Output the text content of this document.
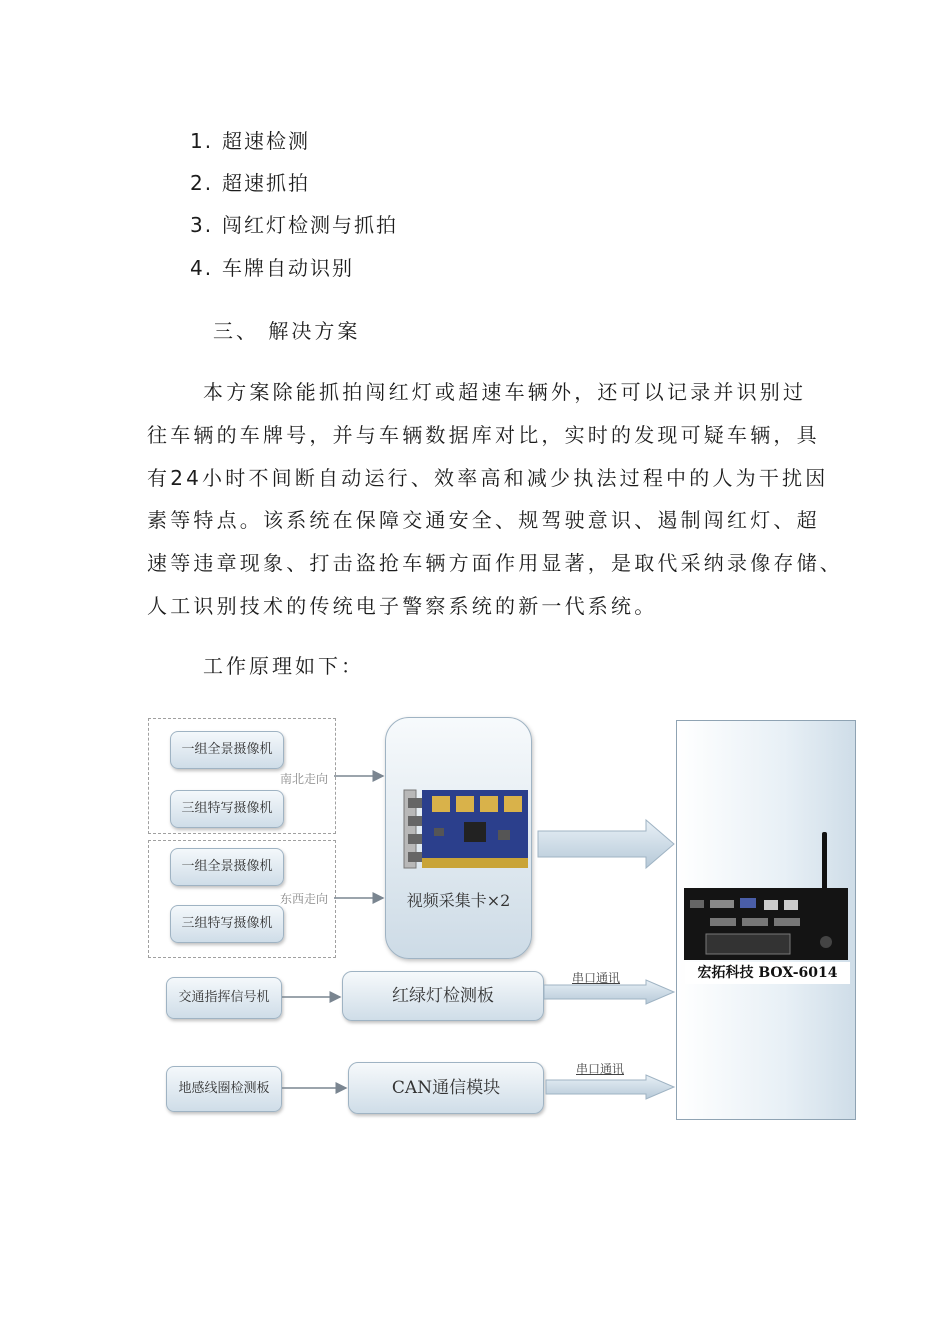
1. 超速检测
2. 超速抓拍
3. 闯红灯检测与抓拍
4. 车牌自动识别
三、 解决方案
本方案除能抓拍闯红灯或超速车辆外，还可以记录并识别过
往车辆的车牌号，并与车辆数据库对比，实时的发现可疑车辆，具
有24小时不间断自动运行、效率高和减少执法过程中的人为干扰因
素等特点。该系统在保障交通安全、规驾驶意识、遏制闯红灯、超
速等违章现象、打击盗抢车辆方面作用显著，是取代采纳录像存储、
人工识别技术的传统电子警察系统的新一代系统。
工作原理如下：
一组全景摄像机
三组特写摄像机
一组全景摄像机
三组特写摄像机
南北走向
东西走向	视频采集卡×2
交通指挥信号机	红绿灯检测板
地感线圈检测板	CAN通信模块
宏拓科技 BOX-6014
串口通讯
串口通讯
